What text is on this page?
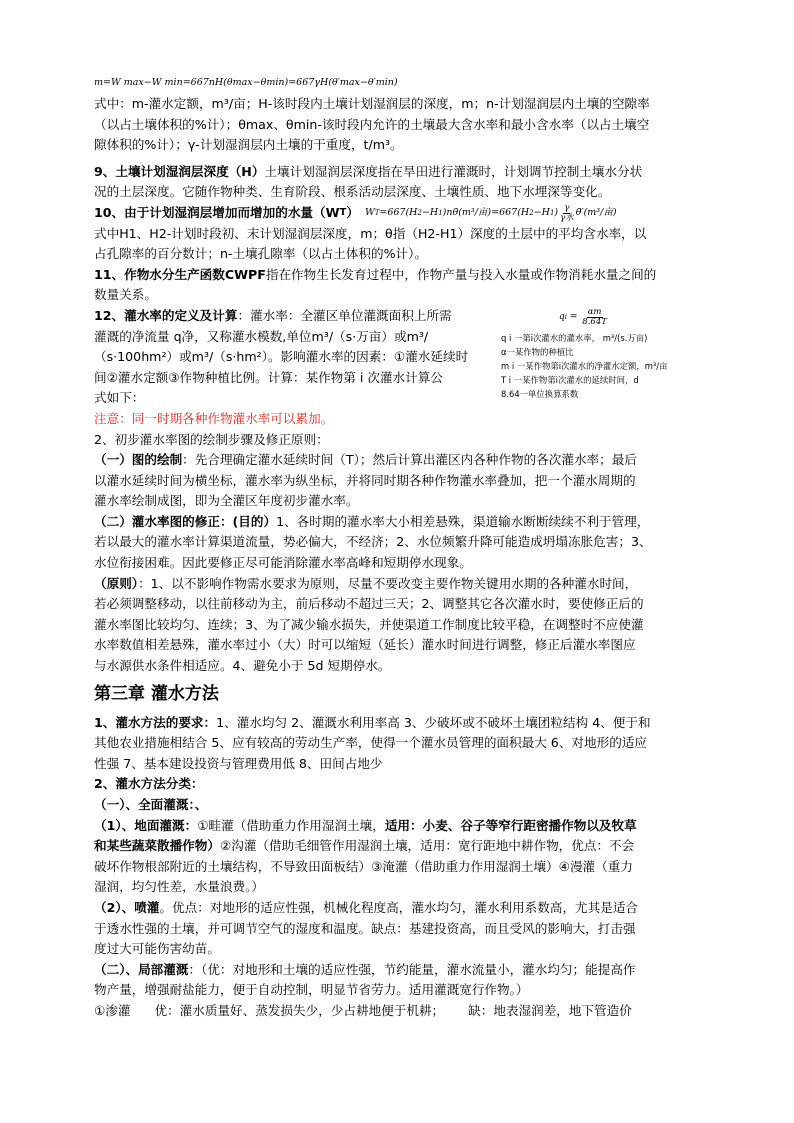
m=W max−W min=667nH(θmax−θmin)=667γH(θ′max−θ′min)
式中：m-灌水定额，m³/亩；H-该时段内土壤计划湿润层的深度，m；n-计划湿润层内土壤的空隙率
（以占土壤体积的%计）；θmax、θmin-该时段内允许的土壤最大含水率和最小含水率（以占土壤空
隙体积的%计）；γ-计划湿润层内土壤的干重度，t/m³。
9、土壤计划湿润层深度（H）土壤计划湿润层深度指在旱田进行灌溉时，计划调节控制土壤水分状
况的土层深度。它随作物种类、生育阶段、根系活动层深度、土壤性质、地下水埋深等变化。
10、由于计划湿润层增加而增加的水量（W T ） W T =667(H 2 −H 1 )nθ̄(m³/亩)=667(H 2 −H 1 ) $\frac{\gamma}{\text{γ水}}$ θ̄′(m³/亩)
式中H1、H2-计划时段初、末计划湿润层深度，m；θ指（H2-H1）深度的土层中的平均含水率，以
占孔隙率的百分数计；n-土壤孔隙率（以占土体积的%计）。
11、作物水分生产函数CWPF指在作物生长发育过程中，作物产量与投入水量或作物消耗水量之间的
数量关系。
12、灌水率的定义及计算：灌水率：全灌区单位灌溉面积上所需
灌溉的净流量 q净，又称灌水模数,单位m³/（s·万亩）或m³/
（s·100hm²）或m³/（s·hm²）。影响灌水率的因素：①灌水延续时
间②灌水定额③作物种植比例。计算：某作物第 i 次灌水计算公
式如下：
注意：同一时期各种作物灌水率可以累加。
q $i = \frac{\alpha m}{8.64T}$
q i 一第i次灌水的灌水率， m³/(s.万亩)
α一某作物的种植比
m i 一某作物第i次灌水的净灌水定额，m³/亩
T i 一某作物第i次灌水的延续时间，d
8.64一单位换算系数
2、初步灌水率图的绘制步骤及修正原则：
（一）图的绘制：先合理确定灌水延续时间（T）；然后计算出灌区内各种作物的各次灌水率；最后
以灌水延续时间为横坐标，灌水率为纵坐标，并将同时期各种作物灌水率叠加，把一个灌水周期的
灌水率绘制成图，即为全灌区年度初步灌水率。
（二）灌水率图的修正：(目的）1、各时期的灌水率大小相差悬殊，渠道输水断断续续不利于管理，
若以最大的灌水率计算渠道流量，势必偏大，不经济；2、水位频繁升降可能造成坍塌冻胀危害；3、
水位衔接困难。因此要修正尽可能消除灌水率高峰和短期停水现象。
（原则）：1、以不影响作物需水要求为原则，尽量不要改变主要作物关键用水期的各种灌水时间，
若必须调整移动，以往前移动为主，前后移动不超过三天；2、调整其它各次灌水时，要使修正后的
灌水率图比较均匀、连续；3、为了减少输水损失，并使渠道工作制度比较平稳，在调整时不应使灌
水率数值相差悬殊，灌水率过小（大）时可以缩短（延长）灌水时间进行调整，修正后灌水率图应
与水源供水条件相适应。4、避免小于 5d 短期停水。
第三章 灌水方法
1、灌水方法的要求：1、灌水均匀 2、灌溉水利用率高 3、少破坏或不破坏土壤团粒结构 4、便于和
其他农业措施相结合 5、应有较高的劳动生产率，使得一个灌水员管理的面积最大 6、对地形的适应
性强 7、基本建设投资与管理费用低 8、田间占地少
2、灌水方法分类：
（一）、全面灌溉：、
（1）、地面灌溉：①畦灌（借助重力作用湿润土壤，适用：小麦、谷子等窄行距密播作物以及牧草
和某些蔬菜散播作物）②沟灌（借助毛细管作用湿润土壤，适用：宽行距地中耕作物，优点：不会
破坏作物根部附近的土壤结构，不导致田面板结）③淹灌（借助重力作用湿润土壤）④漫灌（重力
湿润，均匀性差，水量浪费。）
（2）、喷灌。优点：对地形的适应性强，机械化程度高，灌水均匀，灌水利用系数高，尤其是适合
于透水性强的土壤，并可调节空气的湿度和温度。缺点：基建投资高，而且受风的影响大，打击强
度过大可能伤害幼苗。
（二）、局部灌溉：（优：对地形和土壤的适应性强，节约能量，灌水流量小，灌水均匀；能提高作
物产量，增强耐盐能力，便于自动控制，明显节省劳力。适用灌溉宽行作物。）
①渗灌 优：灌水质量好、蒸发损失少，少占耕地便于机耕； 缺：地表湿润差，地下管造价
